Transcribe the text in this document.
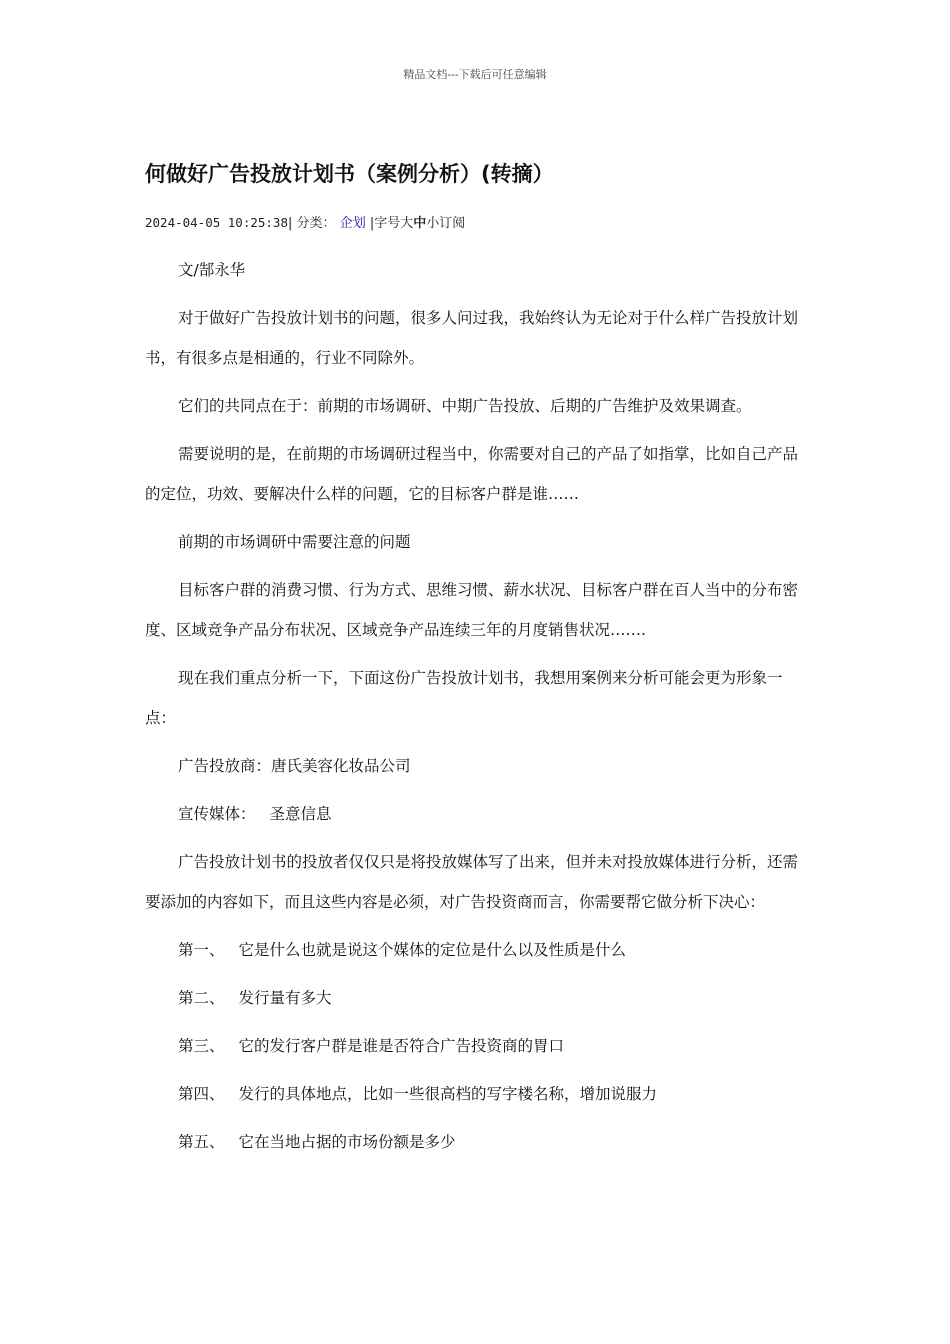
精品文档---下载后可任意编辑
何做好广告投放计划书（案例分析）(转摘）
2024-04-05 10:25:38| 分类： 企划 |字号大中小订阅

文/郜永华

对于做好广告投放计划书的问题，很多人问过我，我始终认为无论对于什么样广告投放计划书，有很多点是相通的，行业不同除外。

它们的共同点在于：前期的市场调研、中期广告投放、后期的广告维护及效果调查。

需要说明的是，在前期的市场调研过程当中，你需要对自己的产品了如指掌，比如自己产品的定位，功效、要解决什么样的问题，它的目标客户群是谁……

前期的市场调研中需要注意的问题

目标客户群的消费习惯、行为方式、思维习惯、薪水状况、目标客户群在百人当中的分布密度、区域竞争产品分布状况、区域竞争产品连续三年的月度销售状况…….

现在我们重点分析一下，下面这份广告投放计划书，我想用案例来分析可能会更为形象一点：

广告投放商：唐氏美容化妆品公司

宣传媒体： 圣意信息

广告投放计划书的投放者仅仅只是将投放媒体写了出来，但并未对投放媒体进行分析，还需要添加的内容如下，而且这些内容是必须，对广告投资商而言，你需要帮它做分析下决心：

第一、 它是什么也就是说这个媒体的定位是什么以及性质是什么

第二、 发行量有多大

第三、 它的发行客户群是谁是否符合广告投资商的胃口

第四、 发行的具体地点，比如一些很高档的写字楼名称，增加说服力

第五、 它在当地占据的市场份额是多少
